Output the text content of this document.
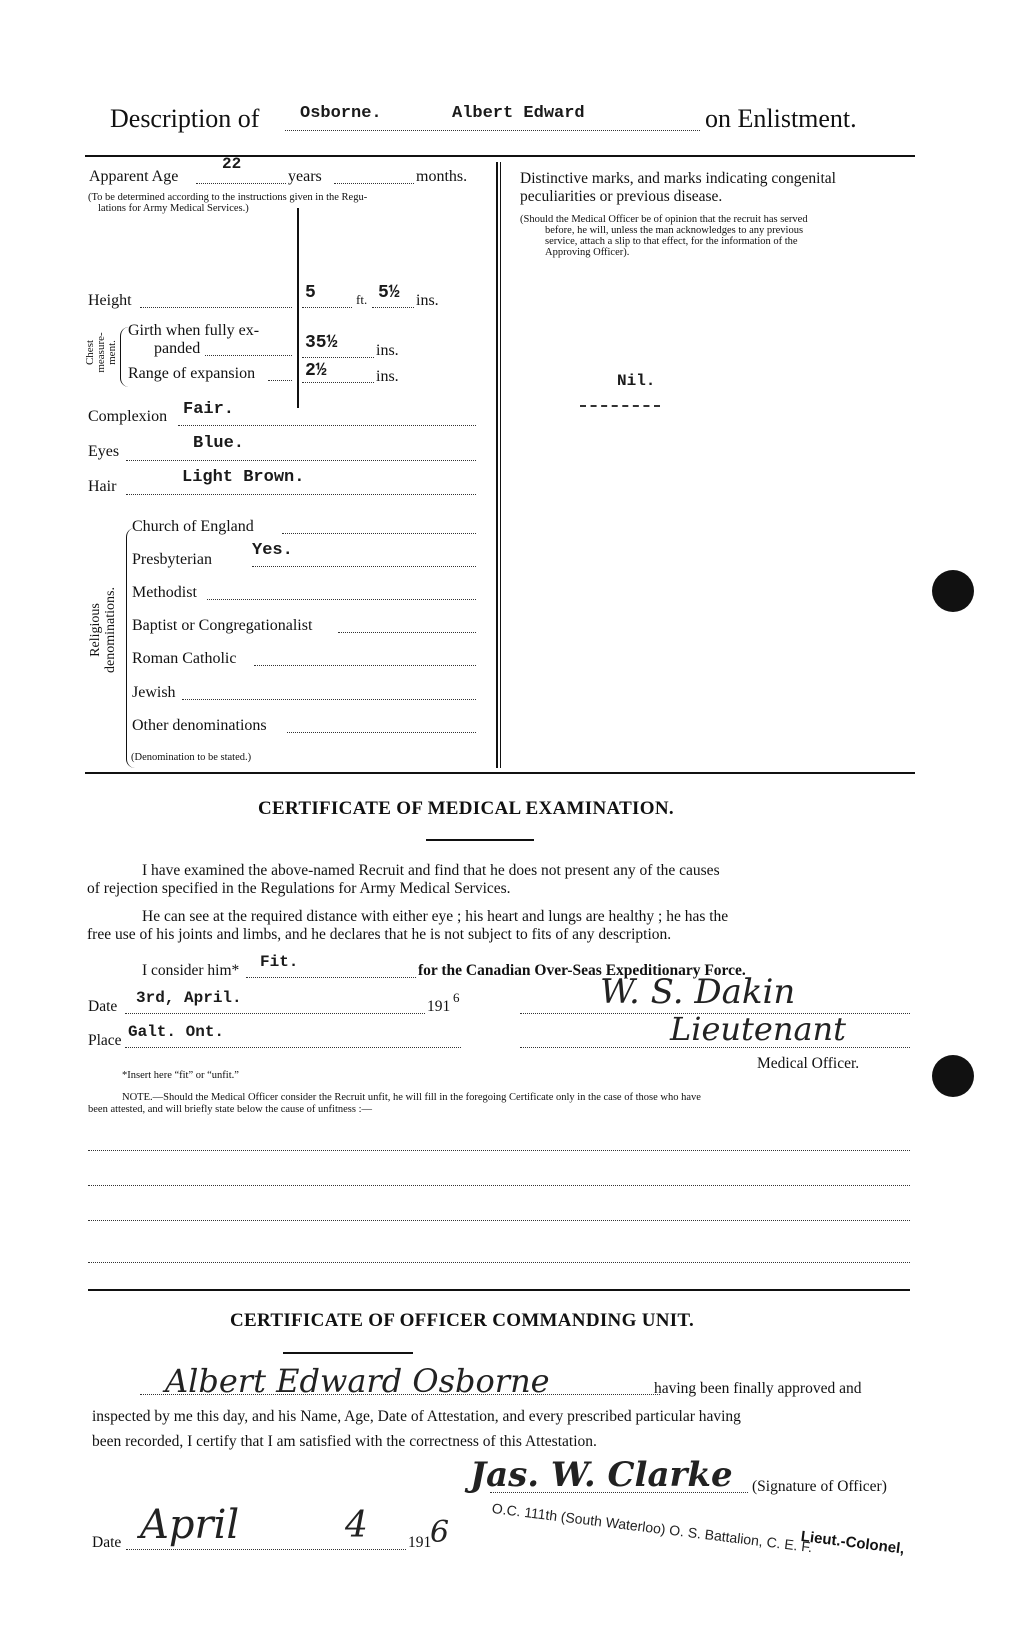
Description of Osborne.	Albert Edward	on Enlistment.
Apparent Age
22
years	months.
(To be determined according to the instructions given in the Regu-
lations for Army Medical Services.)
Height	5	ft. 5½ ins.
Chest measure- ment.
Girth when fully ex-
panded	35½ ins.
Range of expansion	2½	ins.
Complexion Fair.
Eyes	Blue.
Hair	Light Brown.
Religious denominations.
Church of England
Presbyterian Yes.
Methodist
Baptist or Congregationalist
Roman Catholic
Jewish
Other denominations
(Denomination to be stated.)
Distinctive marks, and marks indicating congenital
peculiarities or previous disease.
(Should the Medical Officer be of opinion that the recruit has served
before, he will, unless the man acknowledges to any previous
service, attach a slip to that effect, for the information of the
Approving Officer).
Nil.
CERTIFICATE OF MEDICAL EXAMINATION.
I have examined the above-named Recruit and find that he does not present any of the causes
of rejection specified in the Regulations for Army Medical Services.
He can see at the required distance with either eye ; his heart and lungs are healthy ; he has the
free use of his joints and limbs, and he declares that he is not subject to fits of any description.
I consider him* Fit.	for the Canadian Over-Seas Expeditionary Force.
Date 3rd, April.	191
6
Place Galt. Ont.
W. S. Dakin
Lieutenant
Medical Officer.
*Insert here “fit” or “unfit.”
NOTE.—Should the Medical Officer consider the Recruit unfit, he will fill in the foregoing Certificate only in the case of those who have
been attested, and will briefly state below the cause of unfitness :—
CERTIFICATE OF OFFICER COMMANDING UNIT.
Albert Edward Osborne	having been finally approved and
inspected by me this day, and his Name, Age, Date of Attestation, and every prescribed particular having
been recorded, I certify that I am satisfied with the correctness of this Attestation.
Jas. W. Clarke (Signature of Officer)
Date April	4	191
6	O.C. 111th (South Waterloo) O. S. Battalion, C. E. F.
Lieut.-Colonel,
